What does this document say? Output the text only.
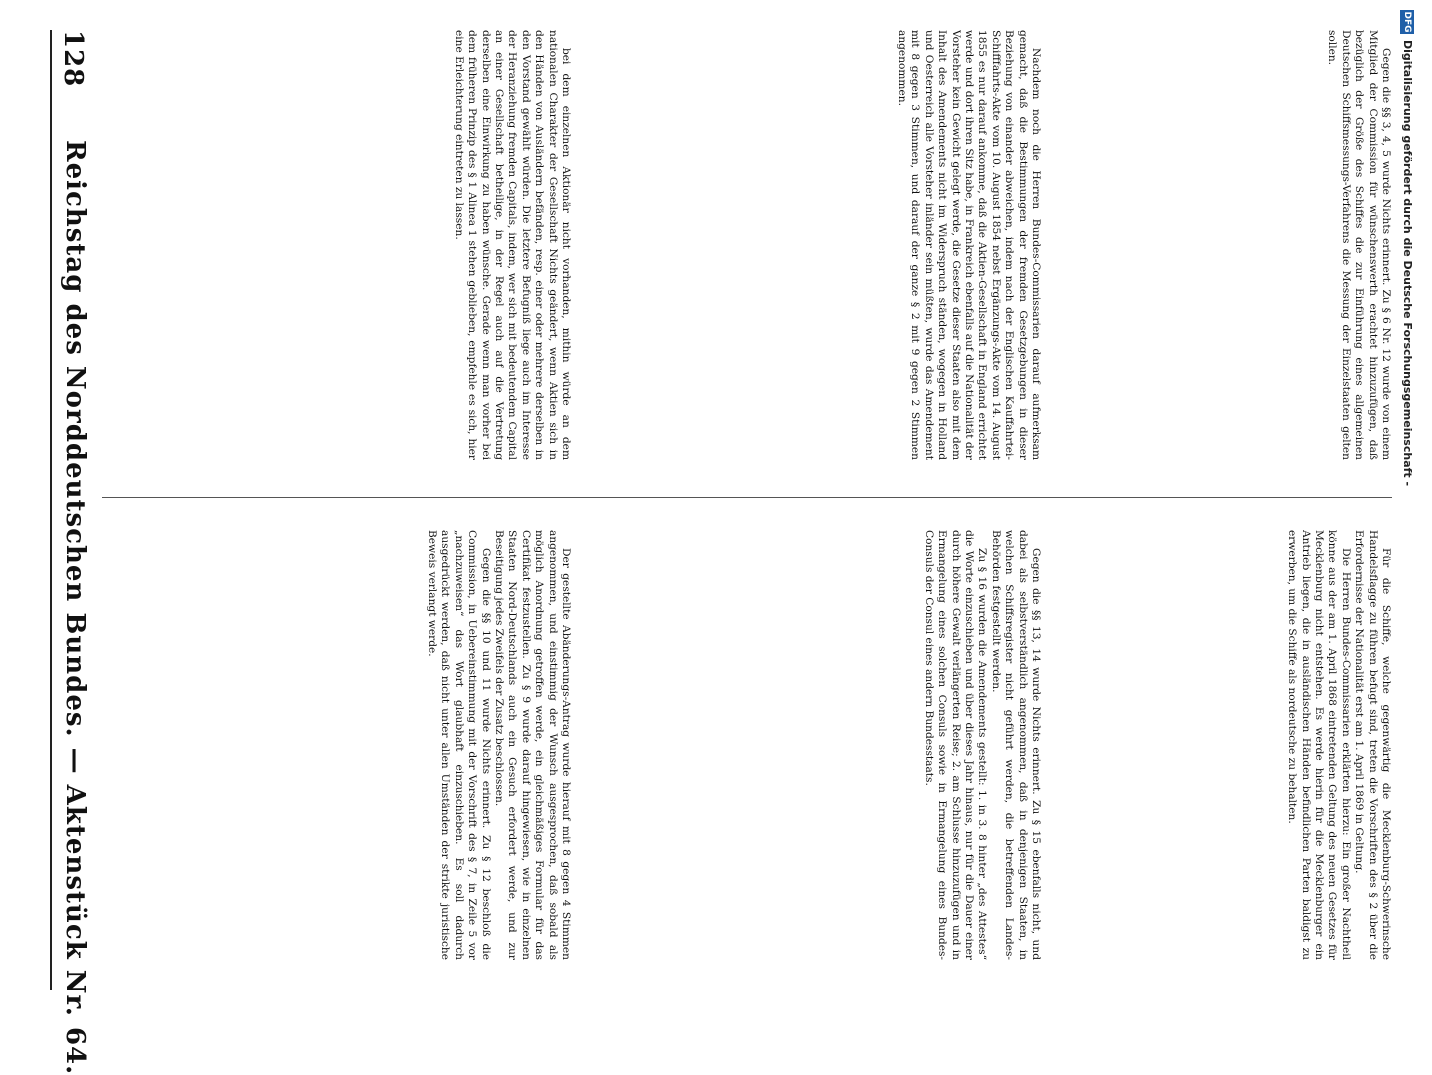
128
Reichstag des Norddeutschen Bundes. — Aktenstück Nr. 64.	bei dem einzelnen Aktionär nicht vorhanden, mithin würde an dem nationalen Charakter der Gesellschaft Nichts geändert, wenn Aktien sich in den Händen von Ausländern befänden, resp. einer oder mehrere derselben in den Vorstand gewählt würden. Die letztere Befugniß liege auch im Interesse der Heranziehung fremden Capitals, indem, wer sich mit bedeutendem Capital an einer Gesellschaft betheilige, in der Regel auch auf die Vertretung derselben eine Einwirkung zu haben wünsche. Gerade wenn man vorher bei dem früheren Prinzip des § 1 Alinea 1 stehen geblieben, empfehle es sich, hier eine Erleichterung eintreten zu lassen.	Nachdem noch die Herren Bundes-Commissarien darauf aufmerksam gemacht, daß die Bestimmungen der fremden Gesetzgebungen in dieser Beziehung von einander abweichen, indem nach der Englischen Kauffahrtei-Schifffahrts-Akte vom 10. August 1854 nebst Ergänzungs-Akte vom 14. August 1855 es nur darauf ankomme, daß die Aktien-Gesellschaft in England errichtet werde und dort ihren Sitz habe, in Frankreich ebenfalls auf die Nationalität der Vorsteher kein Gewicht gelegt werde, die Gesetze dieser Staaten also mit dem Inhalt des Amendements nicht im Widerspruch ständen, wogegen in Holland und Oesterreich alle Vorsteher inländer sein müßten, wurde das Amendement mit 8 gegen 3 Stimmen, und darauf der ganze § 2 mit 9 gegen 2 Stimmen angenommen.	Gegen die §§ 3, 4, 5 wurde Nichts erinnert. Zu § 6 Nr. 12 wurde von einem Mitglied der Commission für wünschenswerth erachtet hinzuzufügen, daß bezüglich der Größe des Schiffes die zur Einführung eines allgemeinen Deutschen Schiffsmessungs-Verfahrens die Messung der Einzelstaaten gelten sollen.

Der gestellte Abänderungs-Antrag wurde hierauf mit 8 gegen 4 Stimmen angenommen, und einstimmig der Wunsch ausgesprochen, daß sobald als möglich Anordnung getroffen werde, ein gleichmäßiges Formular für das Certifikat festzustellen. Zu § 9 wurde darauf hingewiesen, wie in einzelnen Staaten Nord-Deutschlands auch ein Gesuch erfordert werde, und zur Beseitigung jedes Zweifels der Zusatz beschlossen.

Gegen die §§ 10 und 11 wurde Nichts erinnert. Zu § 12 beschloß die Commission, in Uebereinstimmung mit der Vorschrift des § 7, in Zeile 5 vor „nachzuweisen“ das Wort glaubhaft einzuschieben. Es soll dadurch ausgedrückt werden, daß nicht unter allen Umständen der strikte juristische Beweis verlangt werde.	Gegen die §§ 13, 14 wurde Nichts erinnert. Zu § 15 ebenfalls nicht, und dabei als selbstverständlich angenommen, daß in denjenigen Staaten, in welchen Schiffsregister nicht geführt werden, die betreffenden Landes-Behörden festgestellt werden.

Zu § 16 wurden die Amendements gestellt: 1. in 3. 8 hinter „des Attestes“ die Worte einzuschieben und über dieses Jahr hinaus, nur für die Dauer einer durch höhere Gewalt verlängerten Reise; 2. am Schlusse hinzuzufügen und in Ermangelung eines solchen Consuls sowie in Ermangelung eines Bundes-Consuls der Consul eines andern Bundesstaats.	Für die Schiffe, welche gegenwärtig die Mecklenburg-Schwerinsche Handelsflagge zu führen befugt sind, treten die Vorschriften des § 2 über die Erfordernisse der Nationalität erst am 1. April 1869 in Geltung.

Die Herren Bundes-Commissarien erklärten hierzu: Ein großer Nachtheil könne aus der am 1. April 1868 eintretenden Geltung des neuen Gesetzes für Mecklenburg nicht entstehen. Es werde hierin für die Mecklenburger ein Antrieb liegen, die in ausländischen Händen befindlichen Parten baldigst zu erwerben, um die Schiffe als nordeutsche zu behalten.

DFG
Digitalisierung gefördert durch die Deutsche Forschungsgemeinschaft -
